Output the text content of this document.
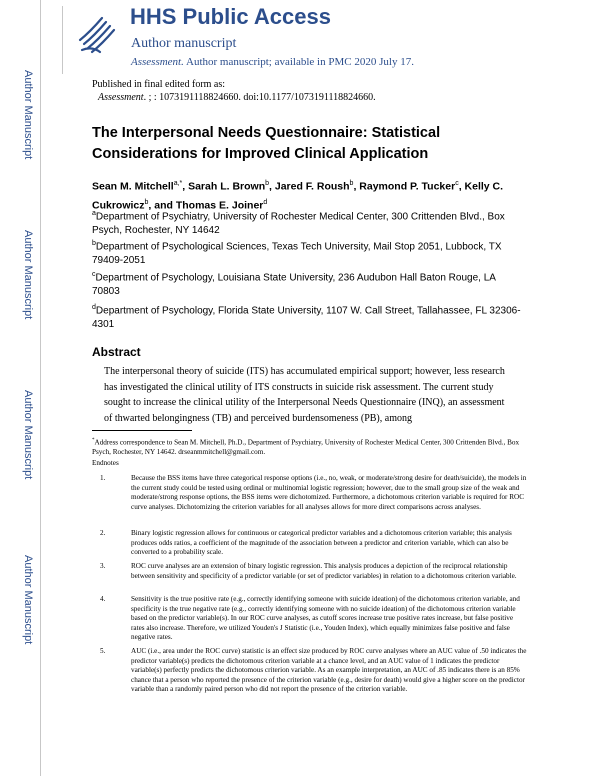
Author Manuscript
Author Manuscript
Author Manuscript
Author Manuscript
HHS Public Access
Author manuscript
Assessment. Author manuscript; available in PMC 2020 July 17.
Published in final edited form as:
Assessment. ; : 1073191118824660. doi:10.1177/1073191118824660.
The Interpersonal Needs Questionnaire: Statistical Considerations for Improved Clinical Application
Sean M. Mitchell$^{a,*}$, Sarah L. Brown$^b$, Jared F. Roush$^b$, Raymond P. Tucker$^c$, Kelly C. Cukrowicz$^b$, and Thomas E. Joiner$^d$
$^a$Department of Psychiatry, University of Rochester Medical Center, 300 Crittenden Blvd., Box Psych, Rochester, NY 14642
$^b$Department of Psychological Sciences, Texas Tech University, Mail Stop 2051, Lubbock, TX 79409-2051
$^c$Department of Psychology, Louisiana State University, 236 Audubon Hall Baton Rouge, LA 70803
$^d$Department of Psychology, Florida State University, 1107 W. Call Street, Tallahassee, FL 32306-4301
Abstract
The interpersonal theory of suicide (ITS) has accumulated empirical support; however, less research has investigated the clinical utility of ITS constructs in suicide risk assessment. The current study sought to increase the clinical utility of the Interpersonal Needs Questionnaire (INQ), an assessment of thwarted belongingness (TB) and perceived burdensomeness (PB), among
*Address correspondence to Sean M. Mitchell, Ph.D., Department of Psychiatry, University of Rochester Medical Center, 300 Crittenden Blvd., Box Psych, Rochester, NY 14642. drseanmmitchell@gmail.com.
Endnotes
1.	Because the BSS items have three categorical response options (i.e., no, weak, or moderate/strong desire for death/suicide), the models in the current study could be tested using ordinal or multinomial logistic regression; however, due to the small group size of the weak and moderate/strong response options, the BSS items were dichotomized. Furthermore, a dichotomous criterion variable is required for ROC curve analyses. Dichotomizing the criterion variables for all analyses allows for more direct comparisons across analyses.
2.	Binary logistic regression allows for continuous or categorical predictor variables and a dichotomous criterion variable; this analysis produces odds ratios, a coefficient of the magnitude of the association between a predictor and criterion variable, which can also be converted to a probability scale.
3.	ROC curve analyses are an extension of binary logistic regression. This analysis produces a depiction of the reciprocal relationship between sensitivity and specificity of a predictor variable (or set of predictor variables) in relation to a dichotomous criterion variable.
4.	Sensitivity is the true positive rate (e.g., correctly identifying someone with suicide ideation) of the dichotomous criterion variable, and specificity is the true negative rate (e.g., correctly identifying someone with no suicide ideation) of the dichotomous criterion variable based on the predictor variable(s). In our ROC curve analyses, as cutoff scores increase true positive rates increase, but false positive rates also increase. Therefore, we utilized Youden's J Statistic (i.e., Youden Index), which equally minimizes false positive and false negative rates.
5.	AUC (i.e., area under the ROC curve) statistic is an effect size produced by ROC curve analyses where an AUC value of .50 indicates the predictor variable(s) predicts the dichotomous criterion variable at a chance level, and an AUC value of 1 indicates the predictor variable(s) perfectly predicts the dichotomous criterion variable. As an example interpretation, an AUC of .85 indicates there is an 85% chance that a person who reported the presence of the criterion variable (e.g., desire for death) would give a higher score on the predictor variable than a randomly paired person who did not report the presence of the criterion variable.
